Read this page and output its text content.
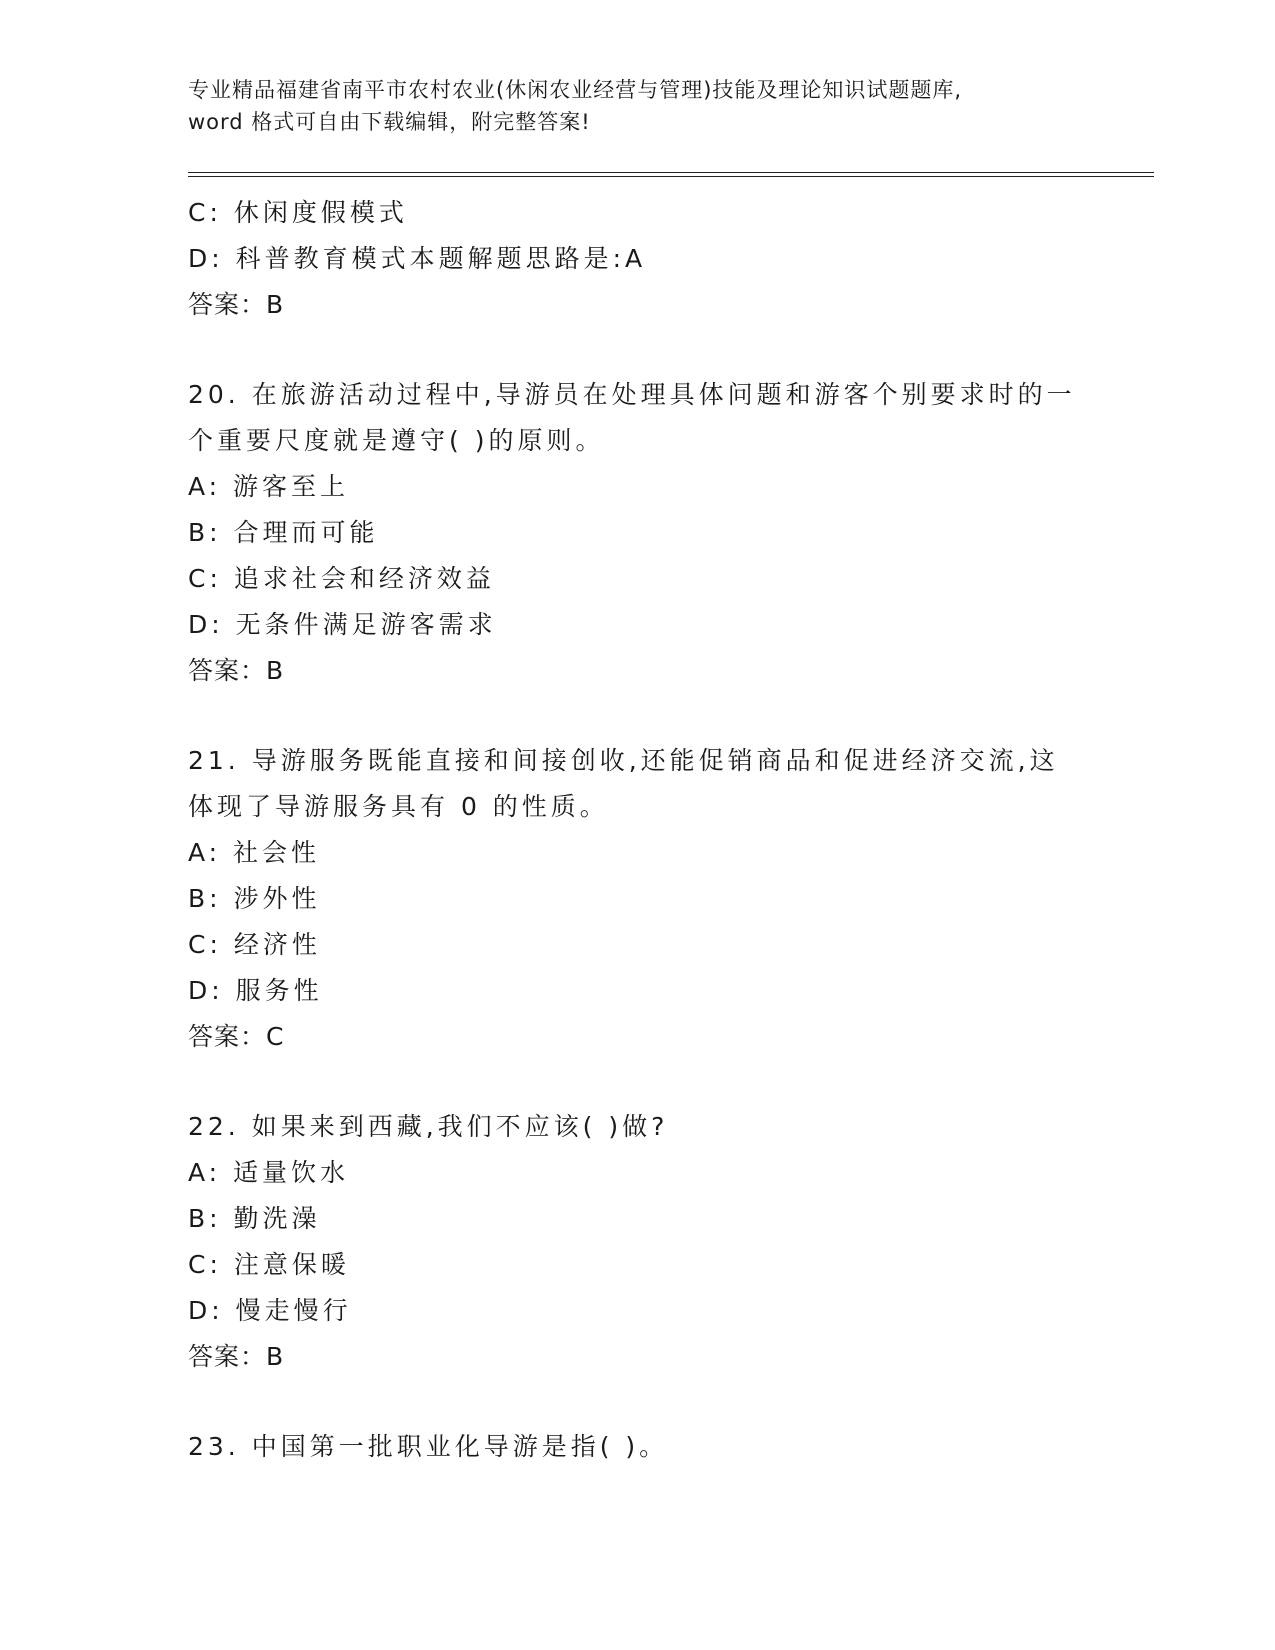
专业精品福建省南平市农村农业(休闲农业经营与管理)技能及理论知识试题题库,
word 格式可自由下载编辑，附完整答案!
C: 休闲度假模式
D: 科普教育模式本题解题思路是:A
答案：B
20. 在旅游活动过程中,导游员在处理具体问题和游客个别要求时的一
个重要尺度就是遵守( )的原则。
A: 游客至上
B: 合理而可能
C: 追求社会和经济效益
D: 无条件满足游客需求
答案：B
21. 导游服务既能直接和间接创收,还能促销商品和促进经济交流,这
体现了导游服务具有 0 的性质。
A: 社会性
B: 涉外性
C: 经济性
D: 服务性
答案：C
22. 如果来到西藏,我们不应该( )做?
A: 适量饮水
B: 勤洗澡
C: 注意保暖
D: 慢走慢行
答案：B
23. 中国第一批职业化导游是指( )。
